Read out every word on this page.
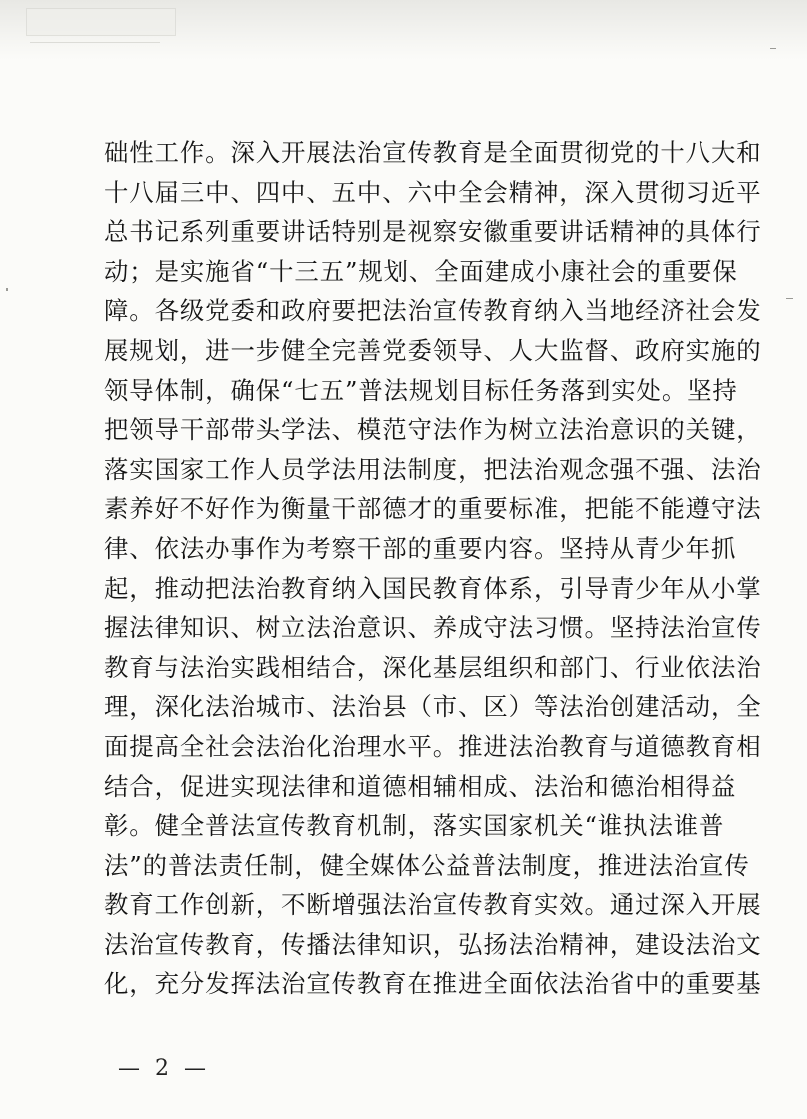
础性工作。深入开展法治宣传教育是全面贯彻党的十八大和
十八届三中、四中、五中、六中全会精神，深入贯彻习近平
总书记系列重要讲话特别是视察安徽重要讲话精神的具体行
动；是实施省“十三五”规划、全面建成小康社会的重要保
障。各级党委和政府要把法治宣传教育纳入当地经济社会发
展规划，进一步健全完善党委领导、人大监督、政府实施的
领导体制，确保“七五”普法规划目标任务落到实处。坚持
把领导干部带头学法、模范守法作为树立法治意识的关键，
落实国家工作人员学法用法制度，把法治观念强不强、法治
素养好不好作为衡量干部德才的重要标准，把能不能遵守法
律、依法办事作为考察干部的重要内容。坚持从青少年抓
起，推动把法治教育纳入国民教育体系，引导青少年从小掌
握法律知识、树立法治意识、养成守法习惯。坚持法治宣传
教育与法治实践相结合，深化基层组织和部门、行业依法治
理，深化法治城市、法治县（市、区）等法治创建活动，全
面提高全社会法治化治理水平。推进法治教育与道德教育相
结合，促进实现法律和道德相辅相成、法治和德治相得益
彰。健全普法宣传教育机制，落实国家机关“谁执法谁普
法”的普法责任制，健全媒体公益普法制度，推进法治宣传
教育工作创新，不断增强法治宣传教育实效。通过深入开展
法治宣传教育，传播法律知识，弘扬法治精神，建设法治文
化，充分发挥法治宣传教育在推进全面依法治省中的重要基
— 2 —
